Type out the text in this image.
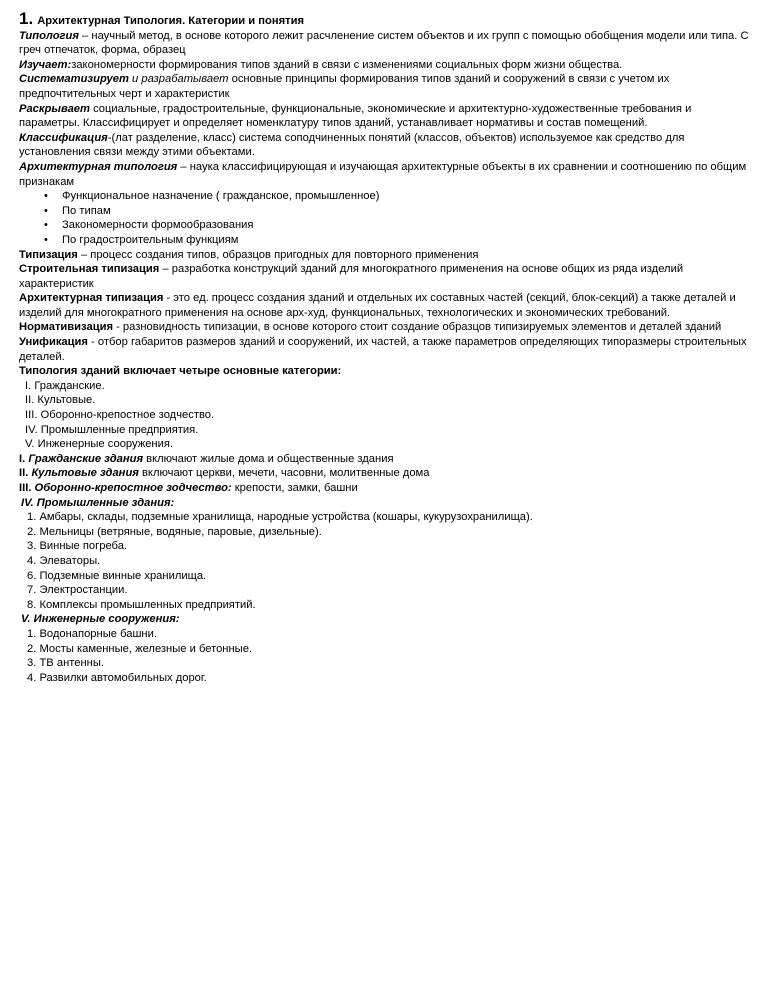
1. Архитектурная Типология. Категории и понятия

Типология – научный метод, в основе которого лежит расчленение систем объектов и их групп с помощью обобщения модели или типа. С греч отпечаток, форма, образец

Изучает:закономерности формирования типов зданий в связи с изменениями социальных форм жизни общества.

Систематизирует и разрабатывает основные принципы формирования типов зданий и сооружений в связи с учетом их предпочтительных черт и характеристик

Раскрывает социальные, градостроительные, функциональные, экономические и архитектурно-художественные требования и параметры. Классифицирует и определяет номенклатуру типов зданий, устанавливает нормативы и состав помещений.

Классификация-(лат разделение, класс) система соподчиненных понятий (классов, объектов) используемое как средство для установления связи между этими объектами.

Архитектурная типология – наука классифицирующая и изучающая архитектурные объекты в их сравнении и соотношению по общим признакам

• Функциональное назначение ( гражданское, промышленное)
• По типам
• Закономерности формообразования
• По градостроительным функциям

Типизация – процесс создания типов, образцов пригодных для повторного применения

Строительная типизация – разработка конструкций зданий для многократного применения на основе общих из ряда изделий характеристик

Архитектурная типизация - это ед. процесс создания зданий и отдельных их составных частей (секций, блок-секций) а также деталей и изделий для многократного применения на основе арх-худ, функциональных, технологических и экономических требований.

Нормативизация - разновидность типизации, в основе которого стоит создание образцов типизируемых элементов и деталей зданий

Унификация - отбор габаритов размеров зданий и сооружений, их частей, а также параметров определяющих типоразмеры строительных деталей.

Типология зданий включает четыре основные категории:

I. Гражданские.

II. Культовые.

III. Оборонно-крепостное зодчество.

IV. Промышленные предприятия.

V. Инженерные сооружения.

I. Гражданские здания включают жилые дома и общественные здания

II. Культовые здания включают церкви, мечети, часовни, молитвенные дома

III. Оборонно-крепостное зодчество: крепости, замки, башни

IV. Промышленные здания:

1. Амбары, склады, подземные хранилища, народные устройства (кошары, кукурузохранилища).

2. Мельницы (ветряные, водяные, паровые, дизельные).

3. Винные погреба.

4. Элеваторы.

6. Подземные винные хранилища.

7. Электростанции.

8. Комплексы промышленных предприятий.

V. Инженерные сооружения:

1. Водонапорные башни.

2. Мосты каменные, железные и бетонные.

3. ТВ антенны.

4. Развилки автомобильных дорог.
